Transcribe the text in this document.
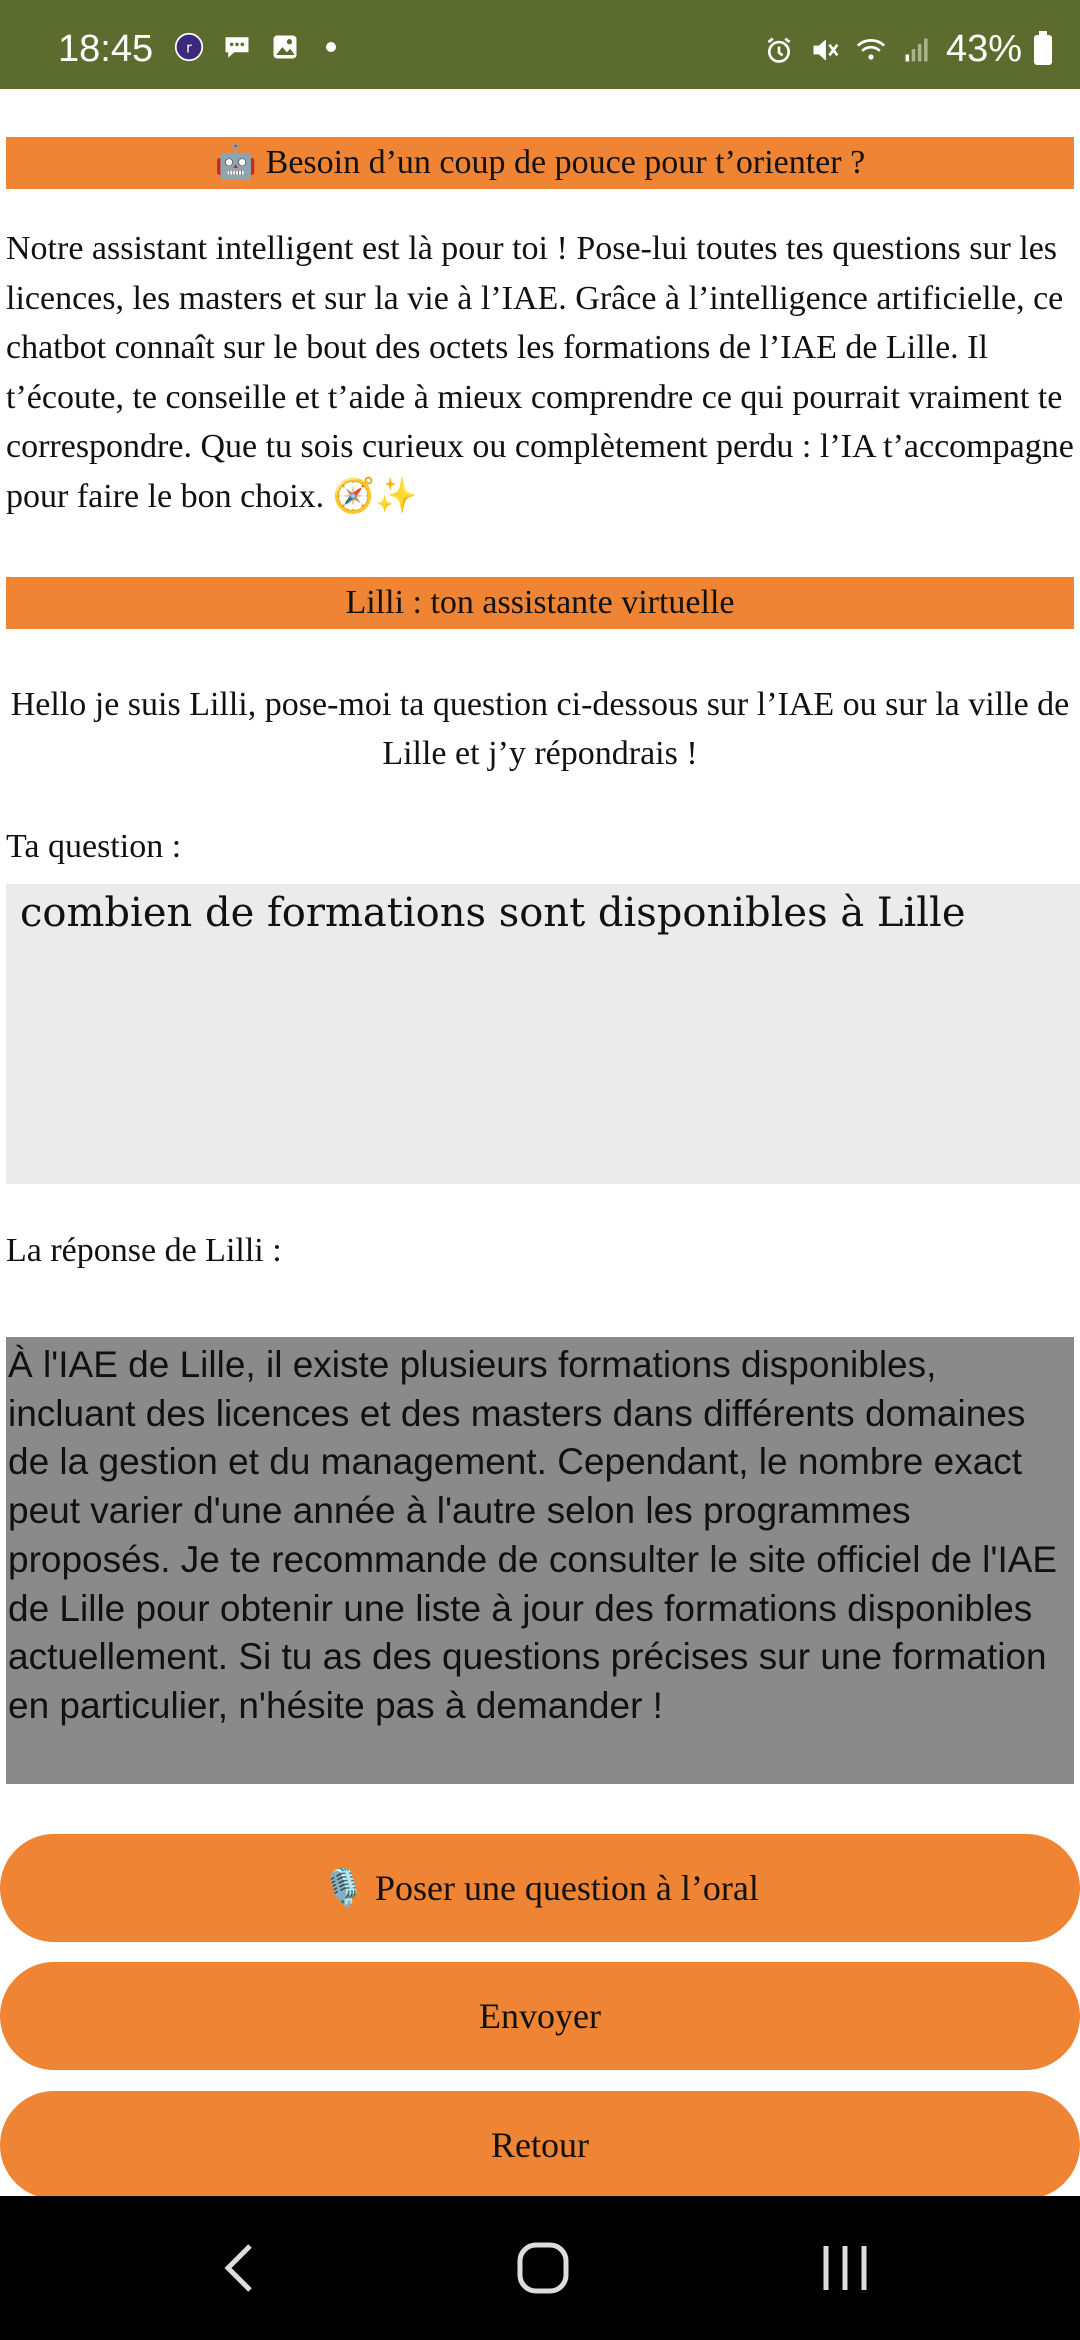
18:45 r	43%
🤖 Besoin d’un coup de pouce pour t’orienter ?
Notre assistant intelligent est là pour toi ! Pose-lui toutes tes questions sur les licences, les masters et sur la vie à l’IAE. Grâce à l’intelligence artificielle, ce chatbot connaît sur le bout des octets les formations de l’IAE de Lille. Il t’écoute, te conseille et t’aide à mieux comprendre ce qui pourrait vraiment te correspondre. Que tu sois curieux ou complètement perdu : l’IA t’accompagne pour faire le bon choix. 🧭✨
Lilli : ton assistante virtuelle
Hello je suis Lilli, pose-moi ta question ci-dessous sur l’IAE ou sur la ville de Lille et j’y répondrais !
Ta question :
combien de formations sont disponibles à Lille
La réponse de Lilli :
À l'IAE de Lille, il existe plusieurs formations disponibles, incluant des licences et des masters dans différents domaines de la gestion et du management. Cependant, le nombre exact peut varier d'une année à l'autre selon les programmes proposés. Je te recommande de consulter le site officiel de l'IAE de Lille pour obtenir une liste à jour des formations disponibles actuellement. Si tu as des questions précises sur une formation en particulier, n'hésite pas à demander !
🎙️ Poser une question à l’oral
Envoyer
Retour
